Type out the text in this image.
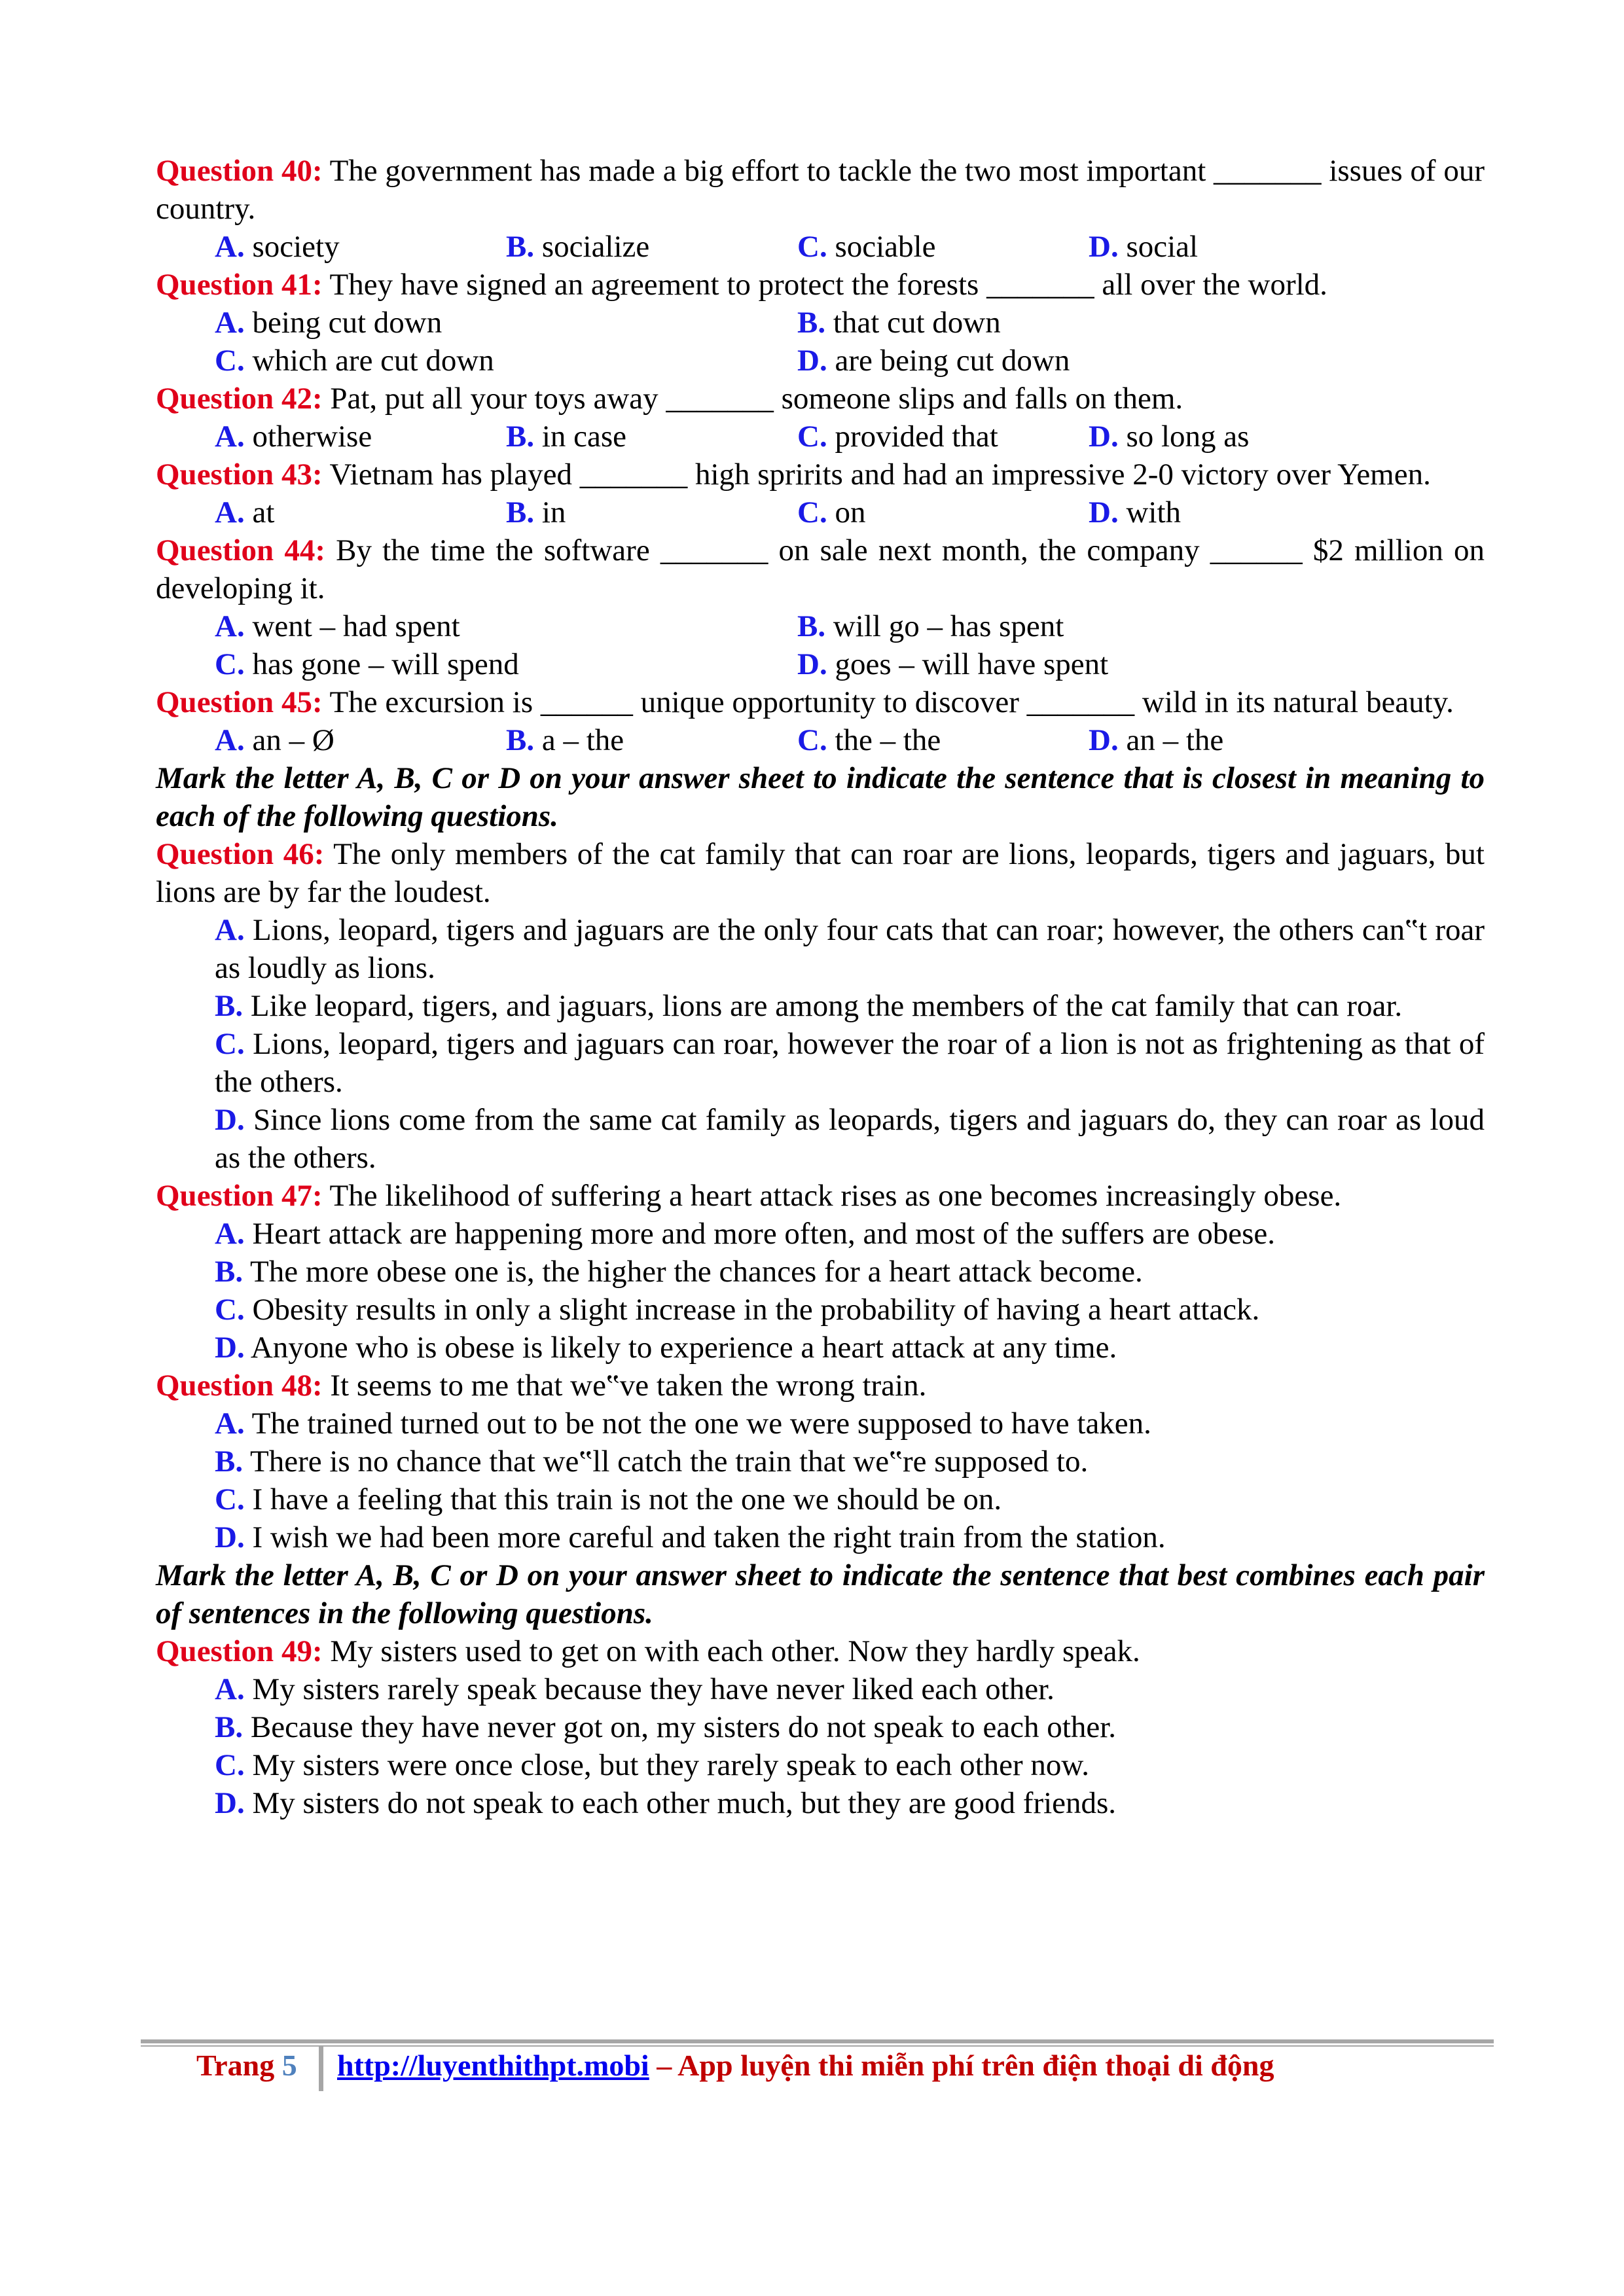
Question 40: The government has made a big effort to tackle the two most important _______ issues of our country.
A. society	B. socialize	C. sociable	D. social
Question 41: They have signed an agreement to protect the forests _______ all over the world.
A. being cut down	B. that cut down
C. which are cut down	D. are being cut down
Question 42: Pat, put all your toys away _______ someone slips and falls on them.
A. otherwise	B. in case	C. provided that	D. so long as
Question 43: Vietnam has played _______ high spririts and had an impressive 2-0 victory over Yemen.
A. at	B. in	C. on	D. with
Question 44: By the time the software _______ on sale next month, the company ______ $2 million on developing it.
A. went – had spent	B. will go – has spent
C. has gone – will spend	D. goes – will have spent
Question 45: The excursion is ______ unique opportunity to discover _______ wild in its natural beauty.
A. an – Ø	B. a – the	C. the – the	D. an – the
Mark the letter A, B, C or D on your answer sheet to indicate the sentence that is closest in meaning to each of the following questions.
Question 46: The only members of the cat family that can roar are lions, leopards, tigers and jaguars, but lions are by far the loudest.
A. Lions, leopard, tigers and jaguars are the only four cats that can roar; however, the others can‟t roar as loudly as lions.
B. Like leopard, tigers, and jaguars, lions are among the members of the cat family that can roar.
C. Lions, leopard, tigers and jaguars can roar, however the roar of a lion is not as frightening as that of the others.
D. Since lions come from the same cat family as leopards, tigers and jaguars do, they can roar as loud as the others.
Question 47: The likelihood of suffering a heart attack rises as one becomes increasingly obese.
A. Heart attack are happening more and more often, and most of the suffers are obese.
B. The more obese one is, the higher the chances for a heart attack become.
C. Obesity results in only a slight increase in the probability of having a heart attack.
D. Anyone who is obese is likely to experience a heart attack at any time.
Question 48: It seems to me that we‟ve taken the wrong train.
A. The trained turned out to be not the one we were supposed to have taken.
B. There is no chance that we‟ll catch the train that we‟re supposed to.
C. I have a feeling that this train is not the one we should be on.
D. I wish we had been more careful and taken the right train from the station.
Mark the letter A, B, C or D on your answer sheet to indicate the sentence that best combines each pair of sentences in the following questions.
Question 49: My sisters used to get on with each other. Now they hardly speak.
A. My sisters rarely speak because they have never liked each other.
B. Because they have never got on, my sisters do not speak to each other.
C. My sisters were once close, but they rarely speak to each other now.
D. My sisters do not speak to each other much, but they are good friends.
Trang 5 http://luyenthithpt.mobi – App luyện thi miễn phí trên điện thoại di động
